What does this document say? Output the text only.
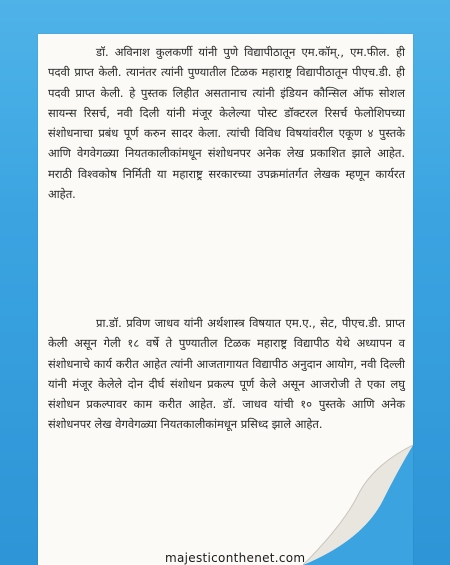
डॉ. अविनाश कुलकर्णी यांनी पुणे विद्यापीठातून एम.कॉम्., एम.फील. ही पदवी प्राप्त केली. त्यानंतर त्यांनी पुण्यातील टिळक महाराष्ट्र विद्यापीठातून पीएच.डी. ही पदवी प्राप्त केली. हे पुस्तक लिहीत असतानाच त्यांनी इंडियन कौन्सिल ऑफ सोशल सायन्स रिसर्च, नवी दिली यांनी मंजूर केलेल्या पोस्ट डॉक्टरल रिसर्च फेलोशिपच्या संशोधनाचा प्रबंध पूर्ण करुन सादर केला. त्यांची विविध विषयांवरील एकूण ४ पुस्तके आणि वेगवेगळ्या नियतकालीकांमधून संशोधनपर अनेक लेख प्रकाशित झाले आहेत. मराठी विश्वकोष निर्मिती या महाराष्ट्र सरकारच्या उपक्रमांतर्गत लेखक म्हणून कार्यरत आहेत.

प्रा.डॉ. प्रविण जाधव यांनी अर्थशास्त्र विषयात एम.ए., सेट, पीएच.डी. प्राप्त केली असून गेली १८ वर्षे ते पुण्यातील टिळक महाराष्ट्र विद्यापीठ येथे अध्यापन व संशोधनाचे कार्य करीत आहेत त्यांनी आजतागायत विद्यापीठ अनुदान आयोग, नवी दिल्ली यांनी मंजूर केलेले दोन दीर्घ संशोधन प्रकल्प पूर्ण केले असून आजरोजी ते एका लघु संशोधन प्रकल्पावर काम करीत आहेत. डॉ. जाधव यांची १० पुस्तके आणि अनेक संशोधनपर लेख वेगवेगळ्या नियतकालीकांमधून प्रसिध्द झाले आहेत.

majesticonthenet.com
